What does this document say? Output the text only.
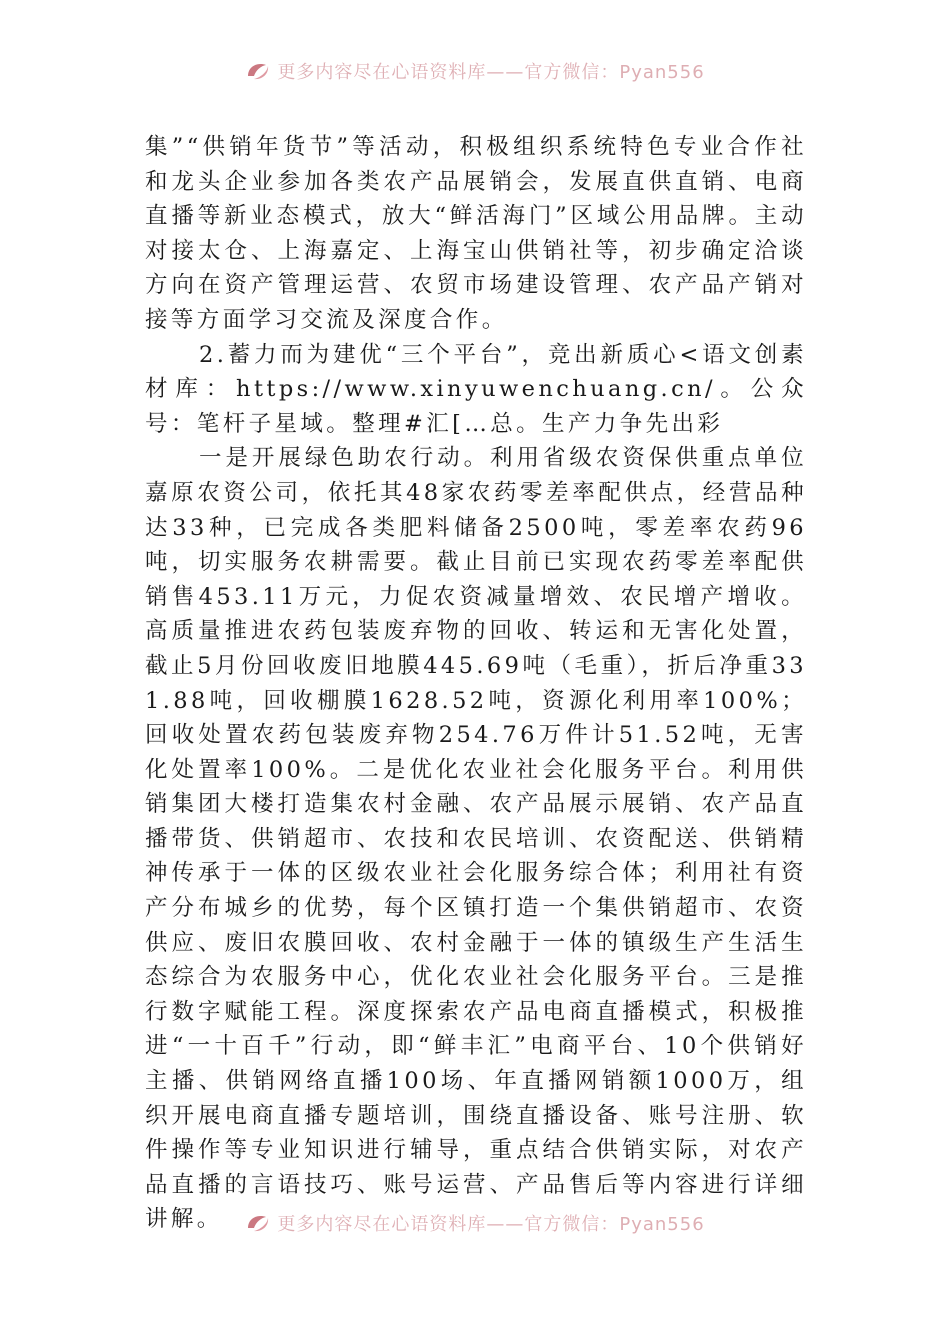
更多内容尽在心语资料库——官方微信：Pyan556

集”“供销年货节”等活动，积极组织系统特色专业合作社和龙头企业参加各类农产品展销会，发展直供直销、电商直播等新业态模式，放大“鲜活海门”区域公用品牌。主动对接太仓、上海嘉定、上海宝山供销社等，初步确定洽谈方向在资产管理运营、农贸市场建设管理、农产品产销对接等方面学习交流及深度合作。

2.蓄力而为建优“三个平台”，竞出新质心<语文创素材库：https://www.xinyuwenchuang.cn/。公众号：笔杆子星域。整理#汇[…总。生产力争先出彩

一是开展绿色助农行动。利用省级农资保供重点单位嘉原农资公司，依托其48家农药零差率配供点，经营品种达33种，已完成各类肥料储备2500吨，零差率农药96吨，切实服务农耕需要。截止目前已实现农药零差率配供销售453.11万元，力促农资减量增效、农民增产增收。高质量推进农药包装废弃物的回收、转运和无害化处置，截止5月份回收废旧地膜445.69吨（毛重），折后净重331.88吨，回收棚膜1628.52吨，资源化利用率100%；回收处置农药包装废弃物254.76万件计51.52吨，无害化处置率100%。二是优化农业社会化服务平台。利用供销集团大楼打造集农村金融、农产品展示展销、农产品直播带货、供销超市、农技和农民培训、农资配送、供销精神传承于一体的区级农业社会化服务综合体；利用社有资产分布城乡的优势，每个区镇打造一个集供销超市、农资供应、废旧农膜回收、农村金融于一体的镇级生产生活生态综合为农服务中心，优化农业社会化服务平台。三是推行数字赋能工程。深度探索农产品电商直播模式，积极推进“一十百千”行动，即“鲜丰汇”电商平台、10个供销好主播、供销网络直播100场、年直播网销额1000万，组织开展电商直播专题培训，围绕直播设备、账号注册、软件操作等专业知识进行辅导，重点结合供销实际，对农产品直播的言语技巧、账号运营、产品售后等内容进行详细讲解。	更多内容尽在心语资料库——官方微信：Pyan556
